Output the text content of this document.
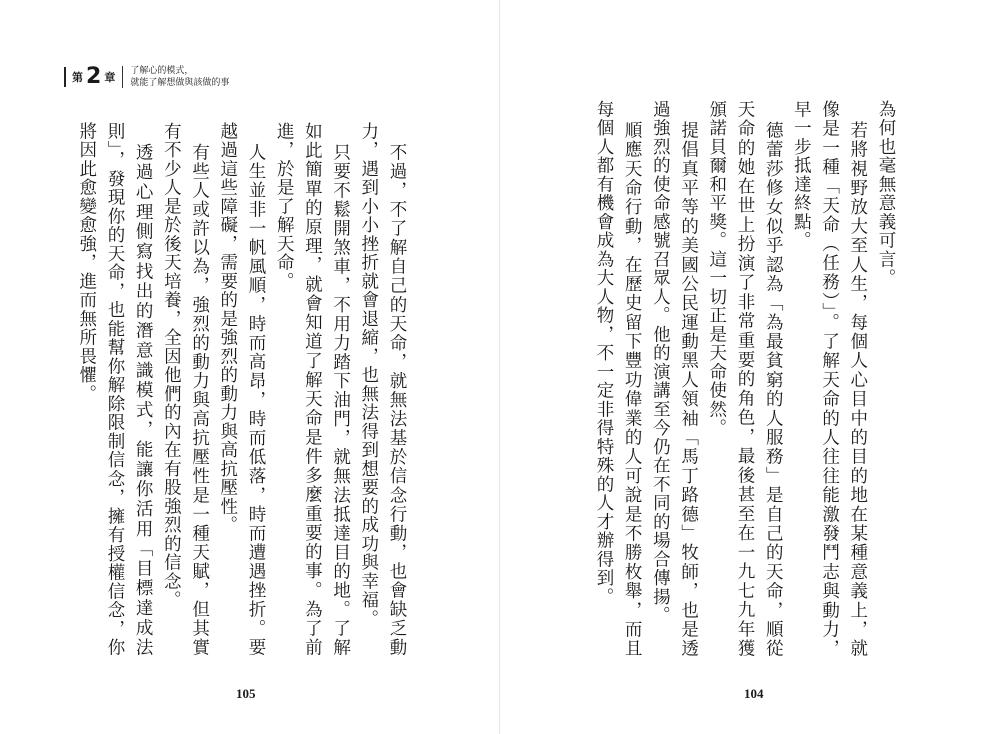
第 2 章 了解心的模式，
就能了解想做與該做的事

為何也毫無意義可言。

若將視野放大至人生，每個人心目中的目的地在某種意義上，就像是一種「天命（任務）」。了解天命的人往往能激發鬥志與動力，早一步抵達終點。

德蕾莎修女似乎認為「為最貧窮的人服務」是自己的天命，順從天命的她在世上扮演了非常重要的角色，最後甚至在一九七九年獲頒諾貝爾和平獎。這一切正是天命使然。

提倡真平等的美國公民運動黑人領袖「馬丁路德」牧師，也是透過強烈的使命感號召眾人。他的演講至今仍在不同的場合傳揚。

順應天命行動，在歷史留下豐功偉業的人可說是不勝枚舉，而且每個人都有機會成為大人物，不一定非得特殊的人才辦得到。

不過，不了解自己的天命，就無法基於信念行動，也會缺乏動力，遇到小小挫折就會退縮，也無法得到想要的成功與幸福。

只要不鬆開煞車，不用力踏下油門，就無法抵達目的地。了解如此簡單的原理，就會知道了解天命是件多麼重要的事。為了前進，於是了解天命。

人生並非一帆風順，時而高昂，時而低落，時而遭遇挫折。要越過這些障礙，需要的是強烈的動力與高抗壓性。

有些人或許以為，強烈的動力與高抗壓性是一種天賦，但其實有不少人是於後天培養，全因他們的內在有股強烈的信念。

透過心理側寫找出的潛意識模式，能讓你活用「目標達成法則」，發現你的天命，也能幫你解除限制信念，擁有授權信念，你將因此愈變愈強，進而無所畏懼。

105	104
